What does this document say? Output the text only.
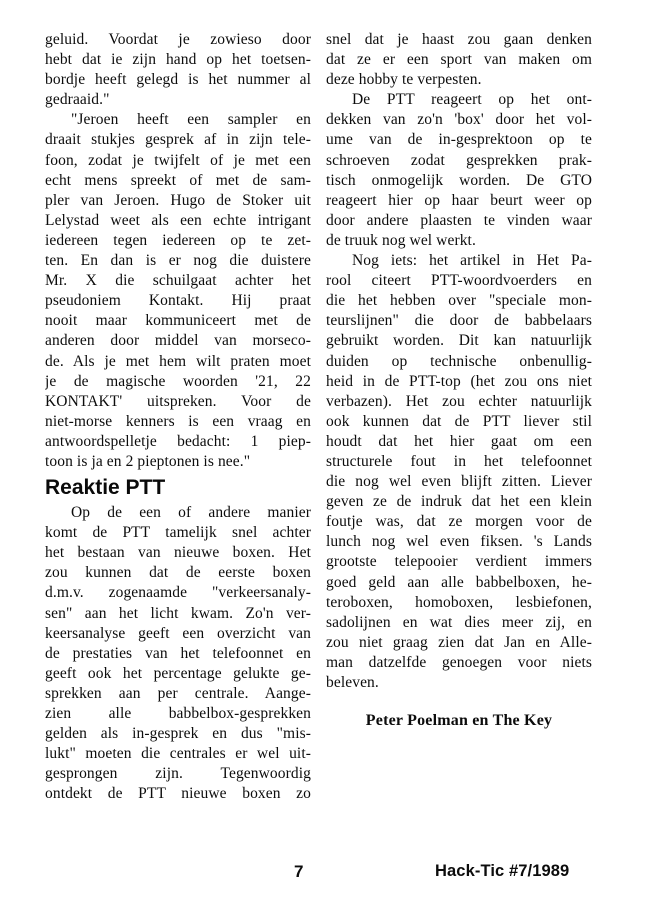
geluid. Voordat je zowieso door
hebt dat ie zijn hand op het toetsen-
bordje heeft gelegd is het nummer al
gedraaid."
"Jeroen heeft een sampler en
draait stukjes gesprek af in zijn tele-
foon, zodat je twijfelt of je met een
echt mens spreekt of met de sam-
pler van Jeroen. Hugo de Stoker uit
Lelystad weet als een echte intrigant
iedereen tegen iedereen op te zet-
ten. En dan is er nog die duistere
Mr. X die schuilgaat achter het
pseudoniem Kontakt. Hij praat
nooit maar kommuniceert met de
anderen door middel van morseco-
de. Als je met hem wilt praten moet
je de magische woorden '21, 22
KONTAKT' uitspreken. Voor de
niet-morse kenners is een vraag en
antwoordspelletje bedacht: 1 piep-
toon is ja en 2 pieptonen is nee."
Reaktie PTT
Op de een of andere manier
komt de PTT tamelijk snel achter
het bestaan van nieuwe boxen. Het
zou kunnen dat de eerste boxen
d.m.v. zogenaamde "verkeersanaly-
sen" aan het licht kwam. Zo'n ver-
keersanalyse geeft een overzicht van
de prestaties van het telefoonnet en
geeft ook het percentage gelukte ge-
sprekken aan per centrale. Aange-
zien alle babbelbox-gesprekken
gelden als in-gesprek en dus "mis-
lukt" moeten die centrales er wel uit-
gesprongen zijn. Tegenwoordig
ontdekt de PTT nieuwe boxen zo
snel dat je haast zou gaan denken
dat ze er een sport van maken om
deze hobby te verpesten.
De PTT reageert op het ont-
dekken van zo'n 'box' door het vol-
ume van de in-gesprektoon op te
schroeven zodat gesprekken prak-
tisch onmogelijk worden. De GTO
reageert hier op haar beurt weer op
door andere plaasten te vinden waar
de truuk nog wel werkt.
Nog iets: het artikel in Het Pa-
rool citeert PTT-woordvoerders en
die het hebben over "speciale mon-
teurslijnen" die door de babbelaars
gebruikt worden. Dit kan natuurlijk
duiden op technische onbenullig-
heid in de PTT-top (het zou ons niet
verbazen). Het zou echter natuurlijk
ook kunnen dat de PTT liever stil
houdt dat het hier gaat om een
structurele fout in het telefoonnet
die nog wel even blijft zitten. Liever
geven ze de indruk dat het een klein
foutje was, dat ze morgen voor de
lunch nog wel even fiksen. 's Lands
grootste telepooier verdient immers
goed geld aan alle babbelboxen, he-
teroboxen, homoboxen, lesbiefonen,
sadolijnen en wat dies meer zij, en
zou niet graag zien dat Jan en Alle-
man datzelfde genoegen voor niets
beleven.
Peter Poelman en The Key
7	Hack-Tic #7/1989
